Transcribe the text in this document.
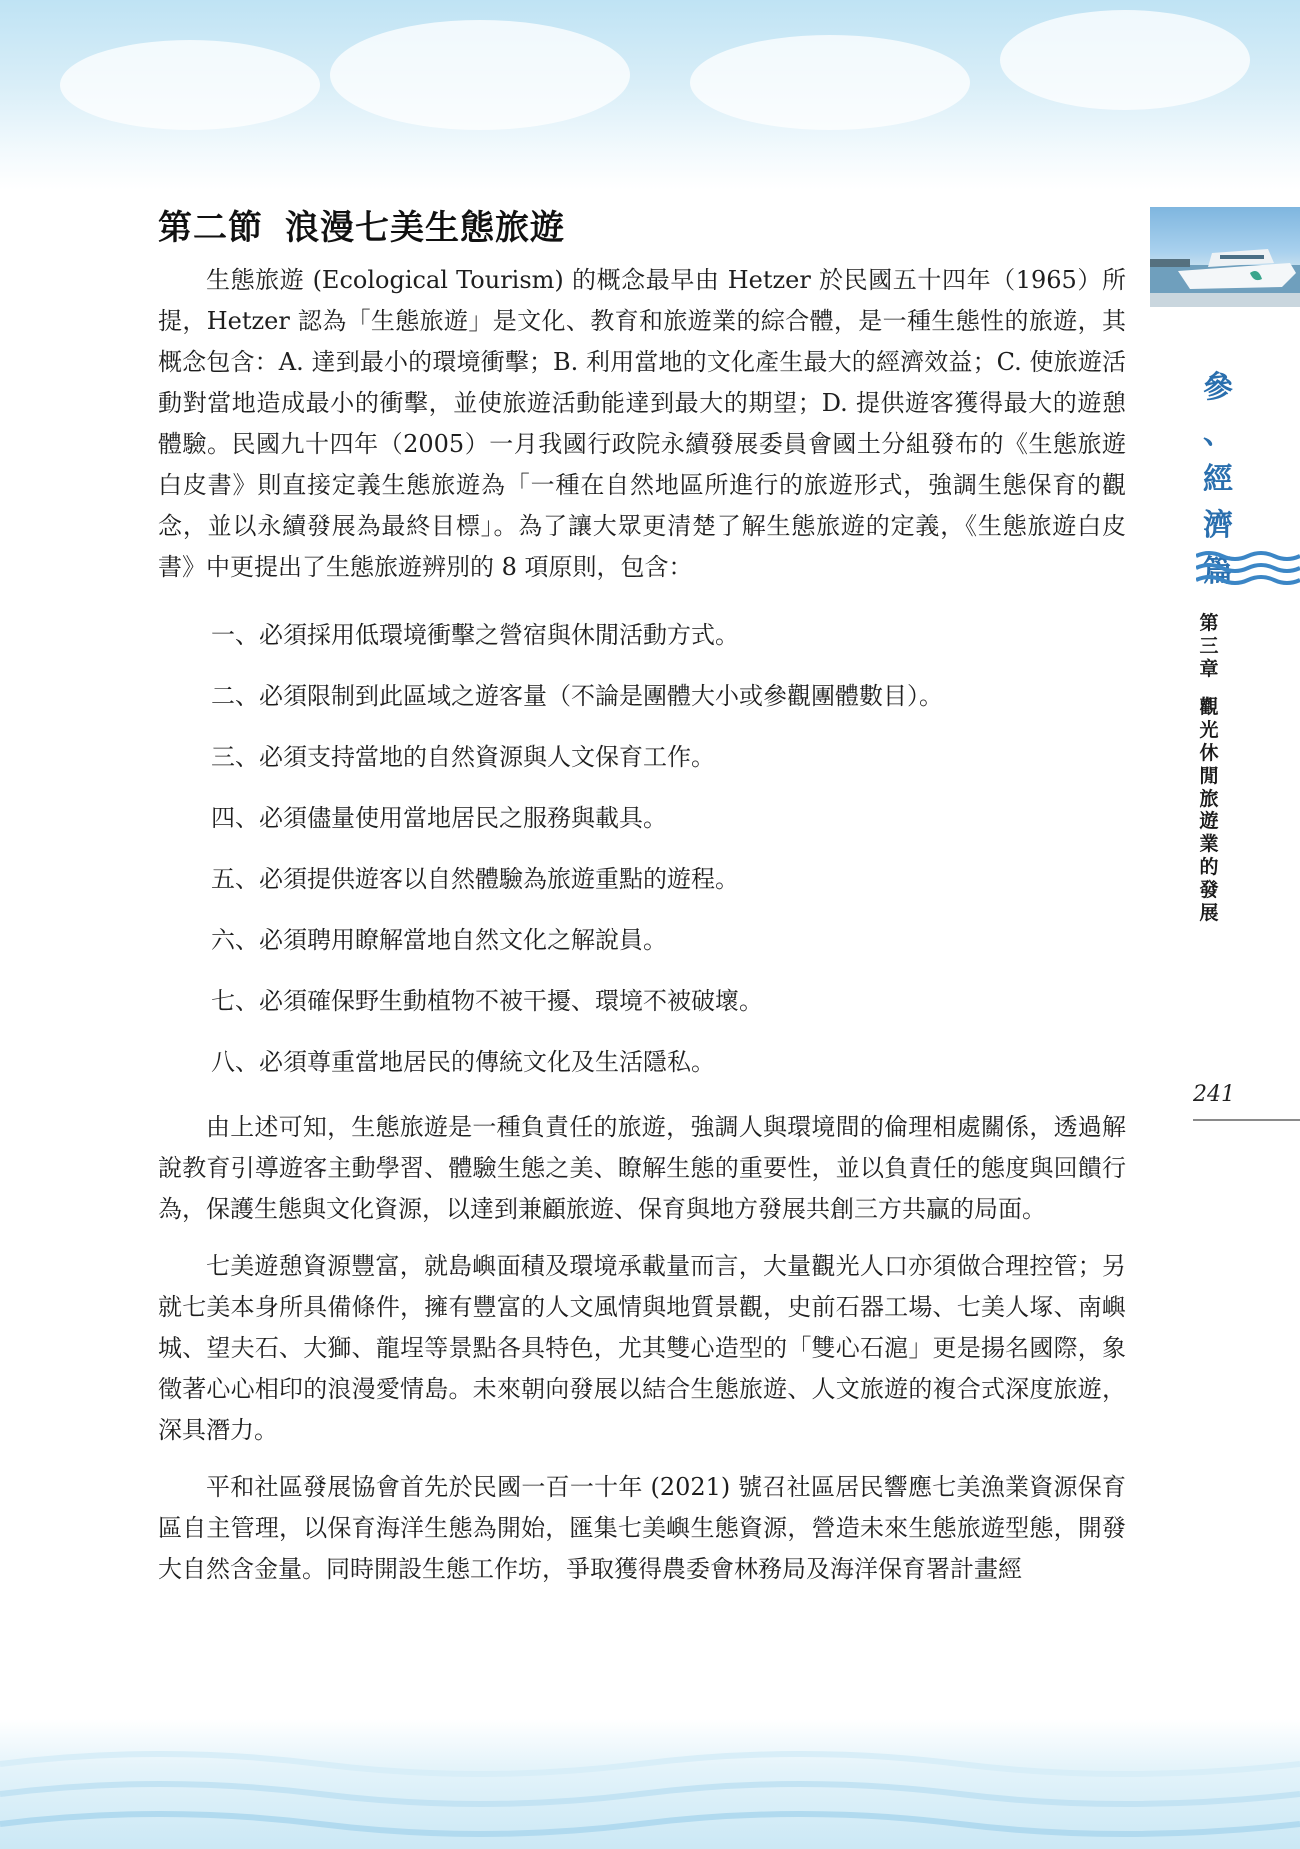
第二節 浪漫七美生態旅遊

生態旅遊 (Ecological Tourism) 的概念最早由 Hetzer 於民國五十四年（1965）所提，Hetzer 認為「生態旅遊」是文化、教育和旅遊業的綜合體，是一種生態性的旅遊，其概念包含：A. 達到最小的環境衝擊；B. 利用當地的文化產生最大的經濟效益；C. 使旅遊活動對當地造成最小的衝擊，並使旅遊活動能達到最大的期望；D. 提供遊客獲得最大的遊憩體驗。民國九十四年（2005）一月我國行政院永續發展委員會國土分組發布的《生態旅遊白皮書》則直接定義生態旅遊為「一種在自然地區所進行的旅遊形式，強調生態保育的觀念，並以永續發展為最終目標」。為了讓大眾更清楚了解生態旅遊的定義，《生態旅遊白皮書》中更提出了生態旅遊辨別的 8 項原則，包含：

一、必須採用低環境衝擊之營宿與休閒活動方式。
二、必須限制到此區域之遊客量（不論是團體大小或參觀團體數目）。
三、必須支持當地的自然資源與人文保育工作。
四、必須儘量使用當地居民之服務與載具。
五、必須提供遊客以自然體驗為旅遊重點的遊程。
六、必須聘用瞭解當地自然文化之解說員。
七、必須確保野生動植物不被干擾、環境不被破壞。
八、必須尊重當地居民的傳統文化及生活隱私。

由上述可知，生態旅遊是一種負責任的旅遊，強調人與環境間的倫理相處關係，透過解說教育引導遊客主動學習、體驗生態之美、瞭解生態的重要性，並以負責任的態度與回饋行為，保護生態與文化資源，以達到兼顧旅遊、保育與地方發展共創三方共贏的局面。

七美遊憩資源豐富，就島嶼面積及環境承載量而言，大量觀光人口亦須做合理控管；另就七美本身所具備條件，擁有豐富的人文風情與地質景觀，史前石器工場、七美人塚、南嶼城、望夫石、大獅、龍埕等景點各具特色，尤其雙心造型的「雙心石滬」更是揚名國際，象徵著心心相印的浪漫愛情島。未來朝向發展以結合生態旅遊、人文旅遊的複合式深度旅遊，深具潛力。

平和社區發展協會首先於民國一百一十年 (2021) 號召社區居民響應七美漁業資源保育區自主管理，以保育海洋生態為開始，匯集七美嶼生態資源，營造未來生態旅遊型態，開發大自然含金量。同時開設生態工作坊，爭取獲得農委會林務局及海洋保育署計畫經

參
、
經
濟
篇
第
三
章
觀
光
休
閒
旅
遊
業
的
發
展
241
